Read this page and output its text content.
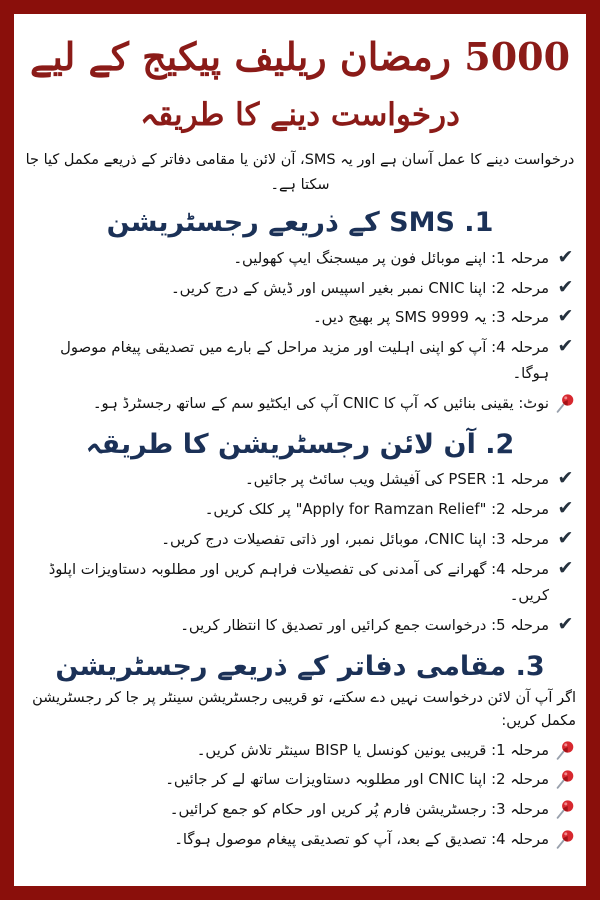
5000 رمضان ریلیف پیکیج کے لیے
درخواست دینے کا طریقہ

درخواست دینے کا عمل آسان ہے اور یہ SMS، آن لائن یا مقامی دفاتر کے ذریعے مکمل کیا جا سکتا ہے۔

1. SMS کے ذریعے رجسٹریشن
✔
مرحلہ 1: اپنے موبائل فون پر میسجنگ ایپ کھولیں۔
✔
مرحلہ 2: اپنا CNIC نمبر بغیر اسپیس اور ڈیش کے درج کریں۔
✔
مرحلہ 3: یہ SMS 9999 پر بھیج دیں۔
✔
مرحلہ 4: آپ کو اپنی اہلیت اور مزید مراحل کے بارے میں تصدیقی پیغام موصول ہوگا۔
نوٹ: یقینی بنائیں کہ آپ کا CNIC آپ کی ایکٹیو سم کے ساتھ رجسٹرڈ ہو۔
2. آن لائن رجسٹریشن کا طریقہ
✔
مرحلہ 1: PSER کی آفیشل ویب سائٹ پر جائیں۔
✔
مرحلہ 2: "Apply for Ramzan Relief" پر کلک کریں۔
✔
مرحلہ 3: اپنا CNIC، موبائل نمبر، اور ذاتی تفصیلات درج کریں۔
✔
مرحلہ 4: گھرانے کی آمدنی کی تفصیلات فراہم کریں اور مطلوبہ دستاویزات اپلوڈ کریں۔
✔
مرحلہ 5: درخواست جمع کرائیں اور تصدیق کا انتظار کریں۔
3. مقامی دفاتر کے ذریعے رجسٹریشن

اگر آپ آن لائن درخواست نہیں دے سکتے، تو قریبی رجسٹریشن سینٹر پر جا کر رجسٹریشن مکمل کریں:

مرحلہ 1: قریبی یونین کونسل یا BISP سینٹر تلاش کریں۔
مرحلہ 2: اپنا CNIC اور مطلوبہ دستاویزات ساتھ لے کر جائیں۔
مرحلہ 3: رجسٹریشن فارم پُر کریں اور حکام کو جمع کرائیں۔
مرحلہ 4: تصدیق کے بعد، آپ کو تصدیقی پیغام موصول ہوگا۔
